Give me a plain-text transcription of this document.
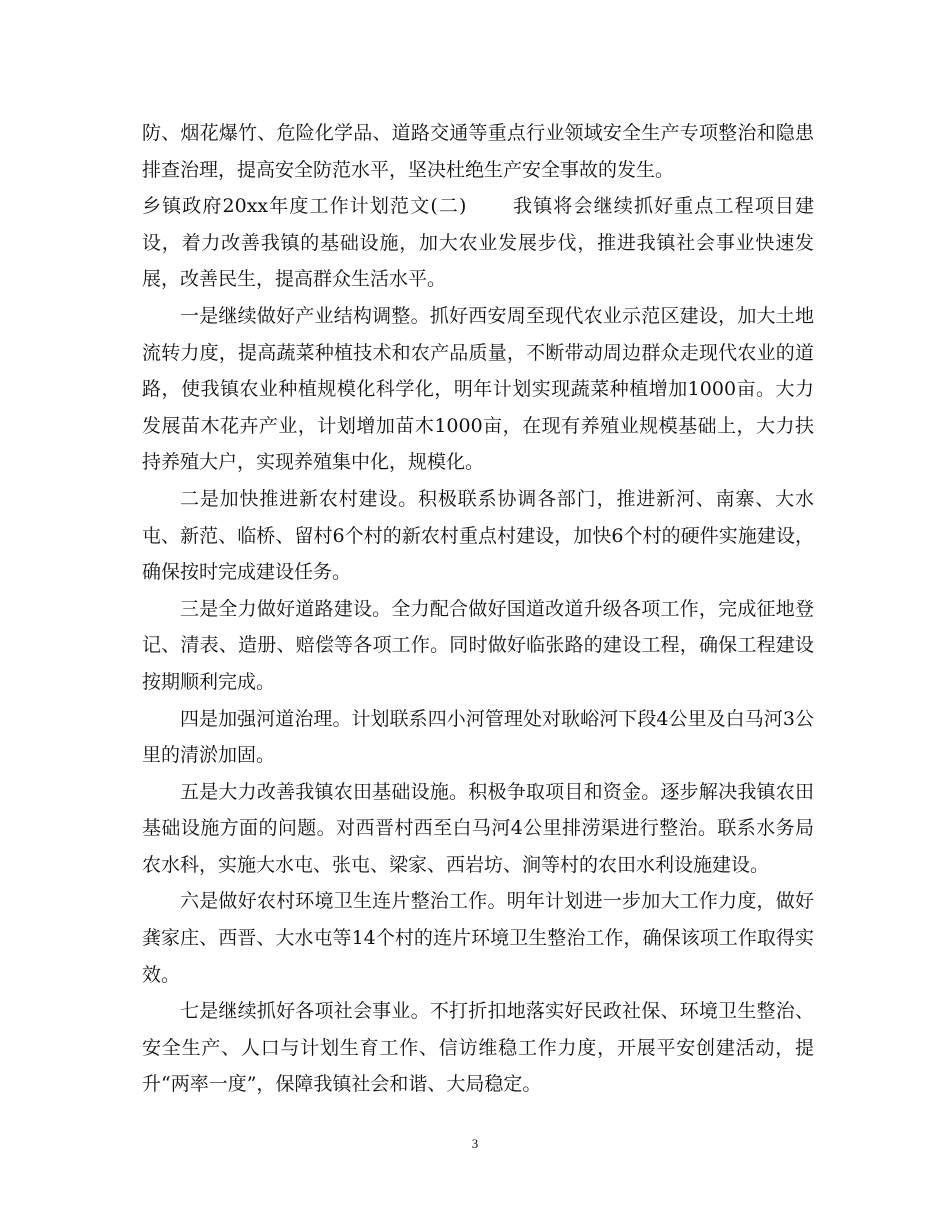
防、烟花爆竹、危险化学品、道路交通等重点行业领域安全生产专项整治和隐患排查治理，提高安全防范水平，坚决杜绝生产安全事故的发生。

乡镇政府20xx年度工作计划范文(二) 我镇将会继续抓好重点工程项目建设，着力改善我镇的基础设施，加大农业发展步伐，推进我镇社会事业快速发展，改善民生，提高群众生活水平。

一是继续做好产业结构调整。抓好西安周至现代农业示范区建设，加大土地流转力度，提高蔬菜种植技术和农产品质量，不断带动周边群众走现代农业的道路，使我镇农业种植规模化科学化，明年计划实现蔬菜种植增加1000亩。大力发展苗木花卉产业，计划增加苗木1000亩，在现有养殖业规模基础上，大力扶持养殖大户，实现养殖集中化，规模化。

二是加快推进新农村建设。积极联系协调各部门，推进新河、南寨、大水屯、新范、临桥、留村6个村的新农村重点村建设，加快6个村的硬件实施建设，确保按时完成建设任务。

三是全力做好道路建设。全力配合做好国道改道升级各项工作，完成征地登记、清表、造册、赔偿等各项工作。同时做好临张路的建设工程，确保工程建设按期顺利完成。

四是加强河道治理。计划联系四小河管理处对耿峪河下段4公里及白马河3公里的清淤加固。

五是大力改善我镇农田基础设施。积极争取项目和资金。逐步解决我镇农田基础设施方面的问题。对西晋村西至白马河4公里排涝渠进行整治。联系水务局农水科，实施大水屯、张屯、梁家、西岩坊、涧等村的农田水利设施建设。

六是做好农村环境卫生连片整治工作。明年计划进一步加大工作力度，做好龚家庄、西晋、大水屯等14个村的连片环境卫生整治工作，确保该项工作取得实效。

七是继续抓好各项社会事业。不打折扣地落实好民政社保、环境卫生整治、安全生产、人口与计划生育工作、信访维稳工作力度，开展平安创建活动，提升“两率一度”，保障我镇社会和谐、大局稳定。

3
